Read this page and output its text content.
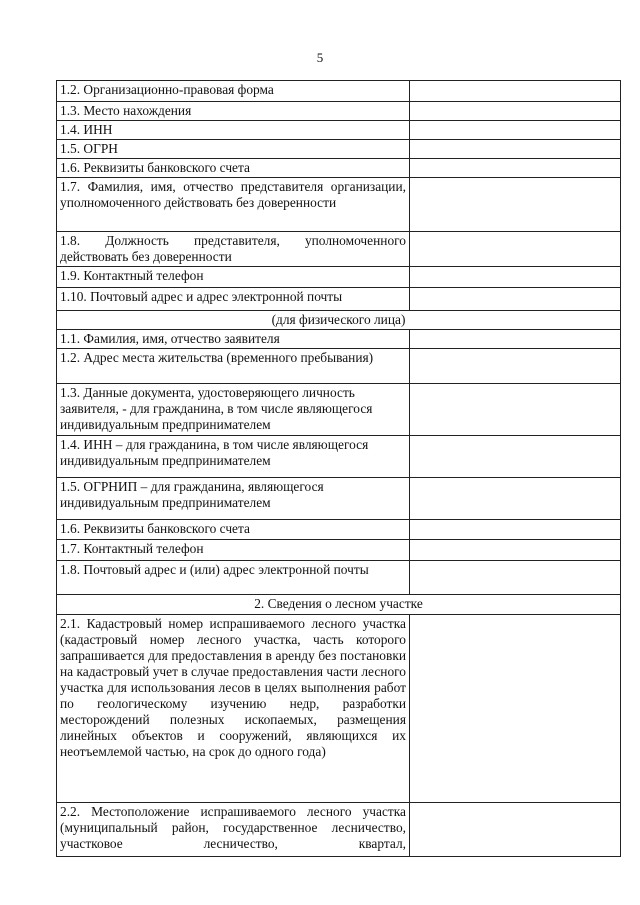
5
1.2. Организационно-правовая форма	
1.3. Место нахождения	
1.4. ИНН	
1.5. ОГРН	
1.6. Реквизиты банковского счета	
1.7. Фамилия, имя, отчество представителя организации, уполномоченного действовать без доверенности	
1.8. Должность представителя, уполномоченного действовать без доверенности	
1.9. Контактный телефон	
1.10. Почтовый адрес и адрес электронной почты	
(для физического лица)	
1.1. Фамилия, имя, отчество заявителя	
1.2. Адрес места жительства (временного пребывания)	
1.3. Данные документа, удостоверяющего личность заявителя, - для гражданина, в том числе являющегося индивидуальным предпринимателем	
1.4. ИНН – для гражданина, в том числе являющегося индивидуальным предпринимателем	
1.5. ОГРНИП – для гражданина, являющегося индивидуальным предпринимателем	
1.6. Реквизиты банковского счета	
1.7. Контактный телефон	
1.8. Почтовый адрес и (или) адрес электронной почты	
2. Сведения о лесном участке	
2.1. Кадастровый номер испрашиваемого лесного участка (кадастровый номер лесного участка, часть которого запрашивается для предоставления в аренду без постановки на кадастровый учет в случае предоставления части лесного участка для использования лесов в целях выполнения работ по геологическому изучению недр, разработки месторождений полезных ископаемых, размещения линейных объектов и сооружений, являющихся их неотъемлемой частью, на срок до одного года)	
2.2. Местоположение испрашиваемого лесного участка (муниципальный район, государственное лесничество, участковое лесничество, квартал,	
